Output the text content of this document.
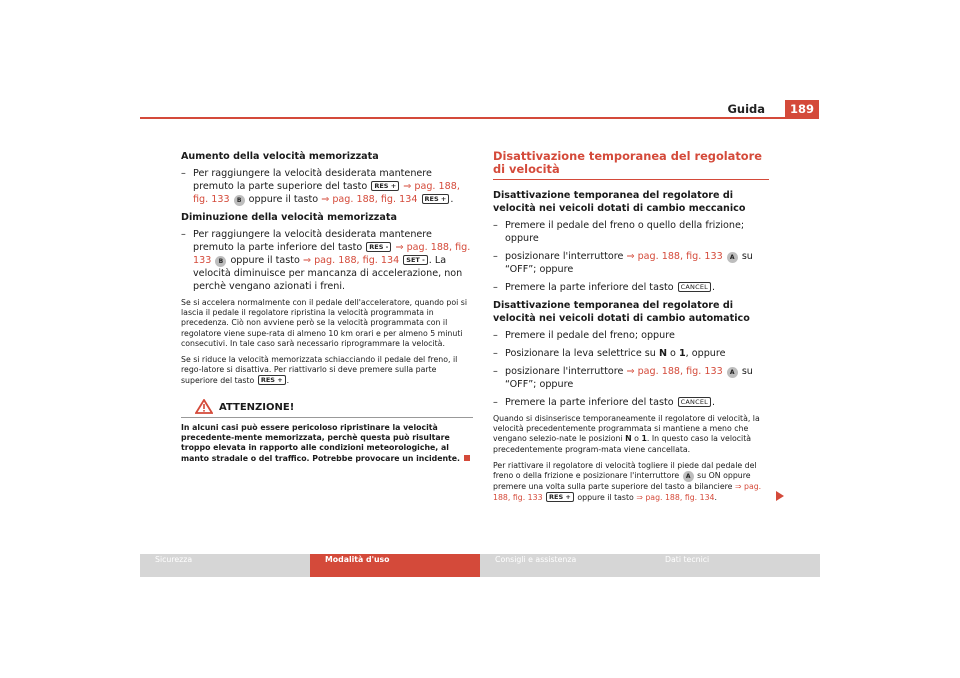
Guida	189

Aumento della velocità memorizzata

– Per raggiungere la velocità desiderata mantenere premuto la parte superiore del tasto RES + ⇒ pag. 188, fig. 133 B oppure il tasto ⇒ pag. 188, fig. 134 RES + .

Diminuzione della velocità memorizzata

– Per raggiungere la velocità desiderata mantenere premuto la parte inferiore del tasto RES - ⇒ pag. 188, fig. 133 B oppure il tasto ⇒ pag. 188, fig. 134 SET - . La velocità diminuisce per mancanza di accelerazione, non perchè vengano azionati i freni.

Se si accelera normalmente con il pedale dell'acceleratore, quando poi si lascia il pedale il regolatore ripristina la velocità programmata in precedenza. Ciò non avviene però se la velocità programmata con il regolatore viene supe-rata di almeno 10 km orari e per almeno 5 minuti consecutivi. In tale caso sarà necessario riprogrammare la velocità.

Se si riduce la velocità memorizzata schiacciando il pedale del freno, il rego-latore si disattiva. Per riattivarlo si deve premere sulla parte superiore del tasto RES + .

ATTENZIONE!
In alcuni casi può essere pericoloso ripristinare la velocità precedente-mente memorizzata, perchè questa può risultare troppo elevata in rapporto alle condizioni meteorologiche, al manto stradale o del traffico. Potrebbe provocare un incidente.
Disattivazione temporanea del regolatore di velocità

Disattivazione temporanea del regolatore di velocità nei veicoli dotati di cambio meccanico

– Premere il pedale del freno o quello della frizione; oppure
– posizionare l'interruttore ⇒ pag. 188, fig. 133 A su “OFF”; oppure
– Premere la parte inferiore del tasto CANCEL .

Disattivazione temporanea del regolatore di velocità nei veicoli dotati di cambio automatico

– Premere il pedale del freno; oppure
– Posizionare la leva selettrice su N o 1, oppure
– posizionare l'interruttore ⇒ pag. 188, fig. 133 A su “OFF”; oppure
– Premere la parte inferiore del tasto CANCEL .

Quando si disinserisce temporaneamente il regolatore di velocità, la velocità precedentemente programmata si mantiene a meno che vengano selezio-nate le posizioni N o 1. In questo caso la velocità precedentemente program-mata viene cancellata.

Per riattivare il regolatore di velocità togliere il piede dal pedale del freno o della frizione e posizionare l'interruttore A su ON oppure premere una volta sulla parte superiore del tasto a bilanciere ⇒ pag. 188, fig. 133 RES + oppure il tasto ⇒ pag. 188, fig. 134.

Sicurezza	Modalità d'uso	Consigli e assistenza	Dati tecnici
